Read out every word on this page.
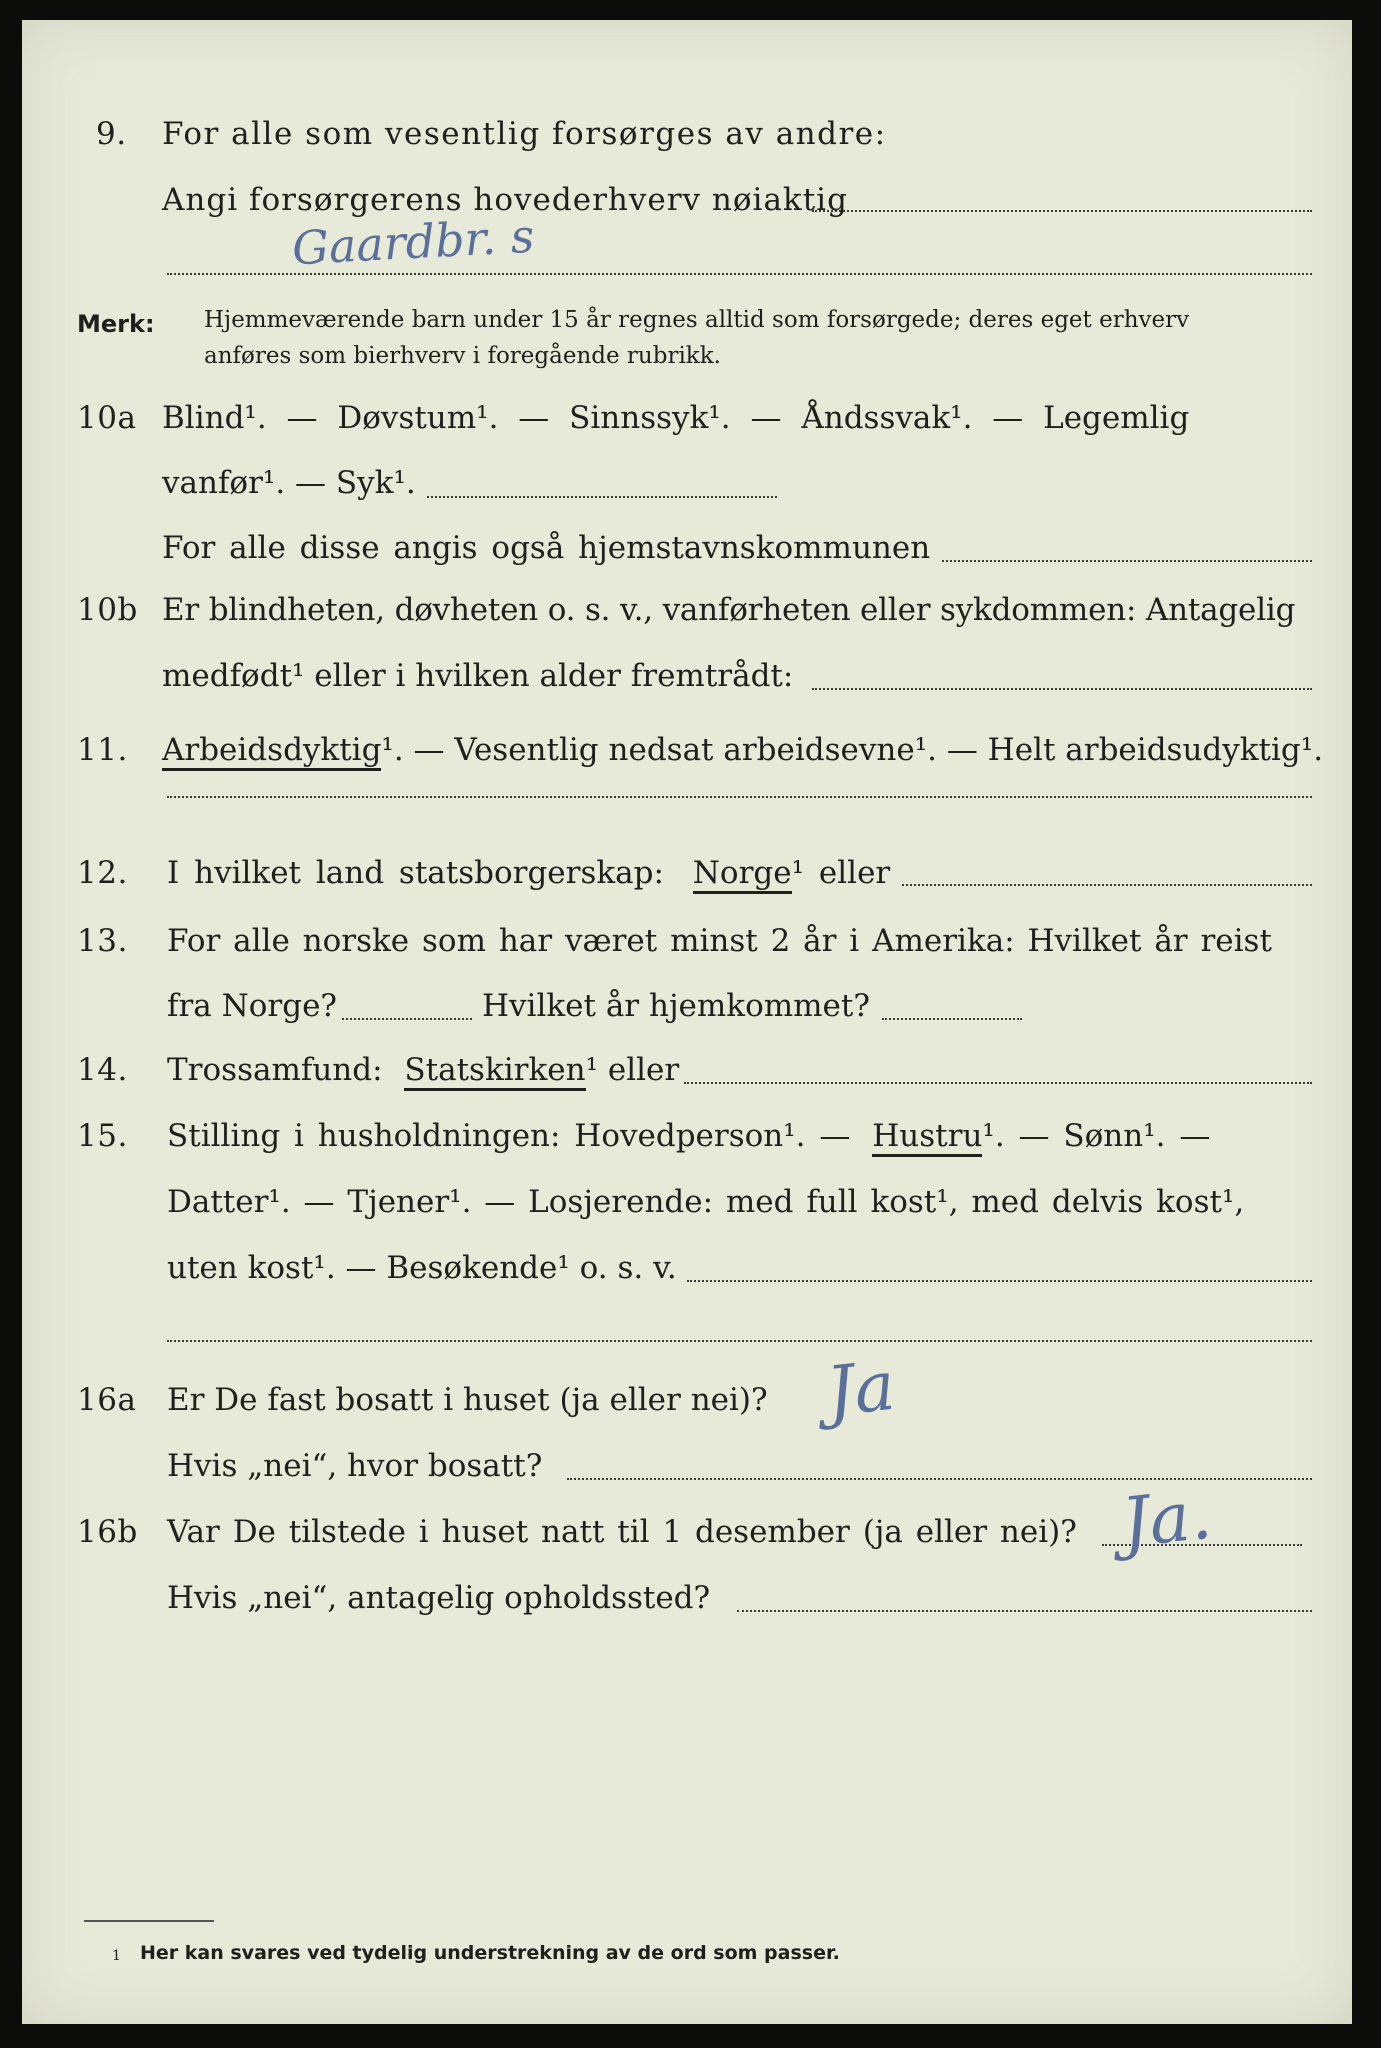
9. For alle som vesentlig forsørges av andre:
Angi forsørgerens hovederhverv nøiaktig
Gaardbr. s
Merk: Hjemmeværende barn under 15 år regnes alltid som forsørgede; deres eget erhverv
anføres som bierhverv i foregående rubrikk.
10a Blind¹. — Døvstum¹. — Sinnssyk¹. — Åndssvak¹. — Legemlig
vanfør¹. — Syk¹.
For alle disse angis også hjemstavnskommunen
10b Er blindheten, døvheten o. s. v., vanførheten eller sykdommen: Antagelig
medfødt¹ eller i hvilken alder fremtrådt:
11. Arbeidsdyktig¹. — Vesentlig nedsat arbeidsevne¹. — Helt arbeidsudyktig¹.
12. I hvilket land statsborgerskap: Norge¹ eller
13. For alle norske som har været minst 2 år i Amerika: Hvilket år reist
fra Norge?	Hvilket år hjemkommet?
14. Trossamfund: Statskirken¹ eller
15. Stilling i husholdningen: Hovedperson¹. — Hustru¹. — Sønn¹. —
Datter¹. — Tjener¹. — Losjerende: med full kost¹, med delvis kost¹,
uten kost¹. — Besøkende¹ o. s. v.
16a Er De fast bosatt i huset (ja eller nei)? Ja
Hvis „nei“, hvor bosatt?
16b Var De tilstede i huset natt til 1 desember (ja eller nei)? Ja.
Hvis „nei“, antagelig opholdssted?
1 Her kan svares ved tydelig understrekning av de ord som passer.
